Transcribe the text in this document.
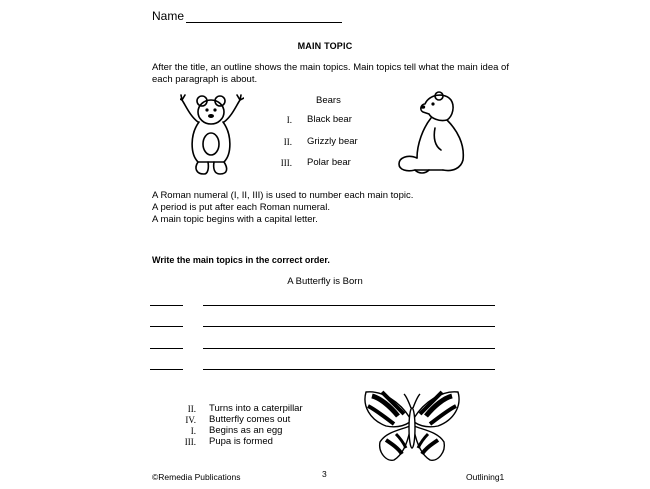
Name
MAIN TOPIC
After the title, an outline shows the main topics. Main topics tell what the main idea of each paragraph is about.
Bears
I. Black bear
II. Grizzly bear
III. Polar bear
A Roman numeral (I, II, III) is used to number each main topic.
A period is put after each Roman numeral.
A main topic begins with a capital letter.
Write the main topics in the correct order.
A Butterfly is Born
II. Turns into a caterpillar
IV. Butterfly comes out
I. Begins as an egg
III. Pupa is formed
©Remedia Publications	3	Outlining1
